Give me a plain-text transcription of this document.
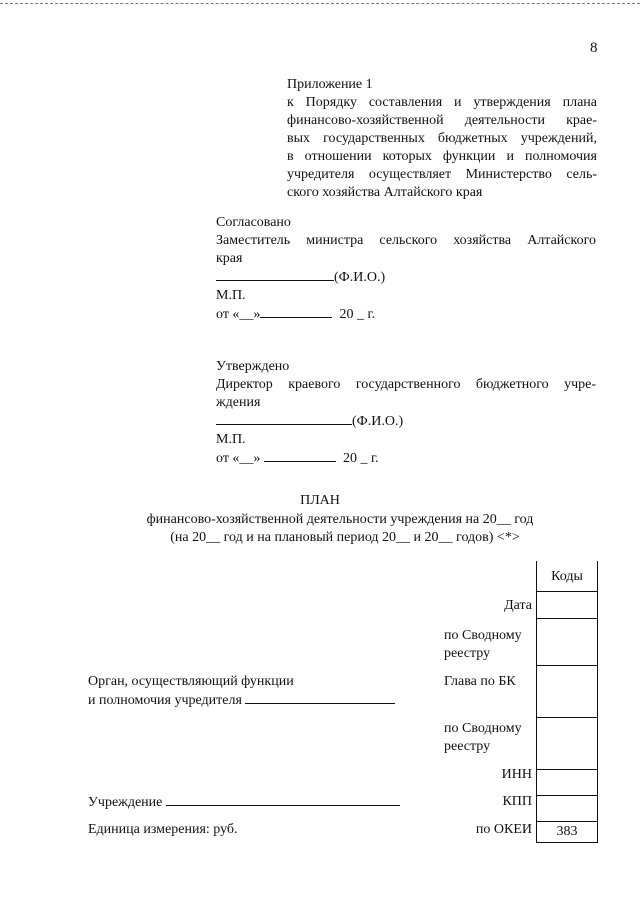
8
Приложение 1
к Порядку составления и утверждения плана
финансово-хозяйственной деятельности крае-
вых государственных бюджетных учреждений,
в отношении которых функции и полномочия
учредителя осуществляет Министерство сель-
ского хозяйства Алтайского края
Согласовано
Заместитель министра сельского хозяйства Алтайского
края
(Ф.И.О.)
М.П.
от «__»	20 _ г.
Утверждено
Директор краевого государственного бюджетного учре-
ждения
(Ф.И.О.)
М.П.
от «__»	20 _ г.
ПЛАН
финансово-хозяйственной деятельности учреждения на 20__ год
(на 20__ год и на плановый период 20__ и 20__ годов) <*>
Коды
383
Дата
по Сводному
реестру
Глава по БК
по Сводному
реестру
ИНН
КПП
по ОКЕИ
Орган, осуществляющий функции
и полномочия учредителя
Учреждение
Единица измерения: руб.
